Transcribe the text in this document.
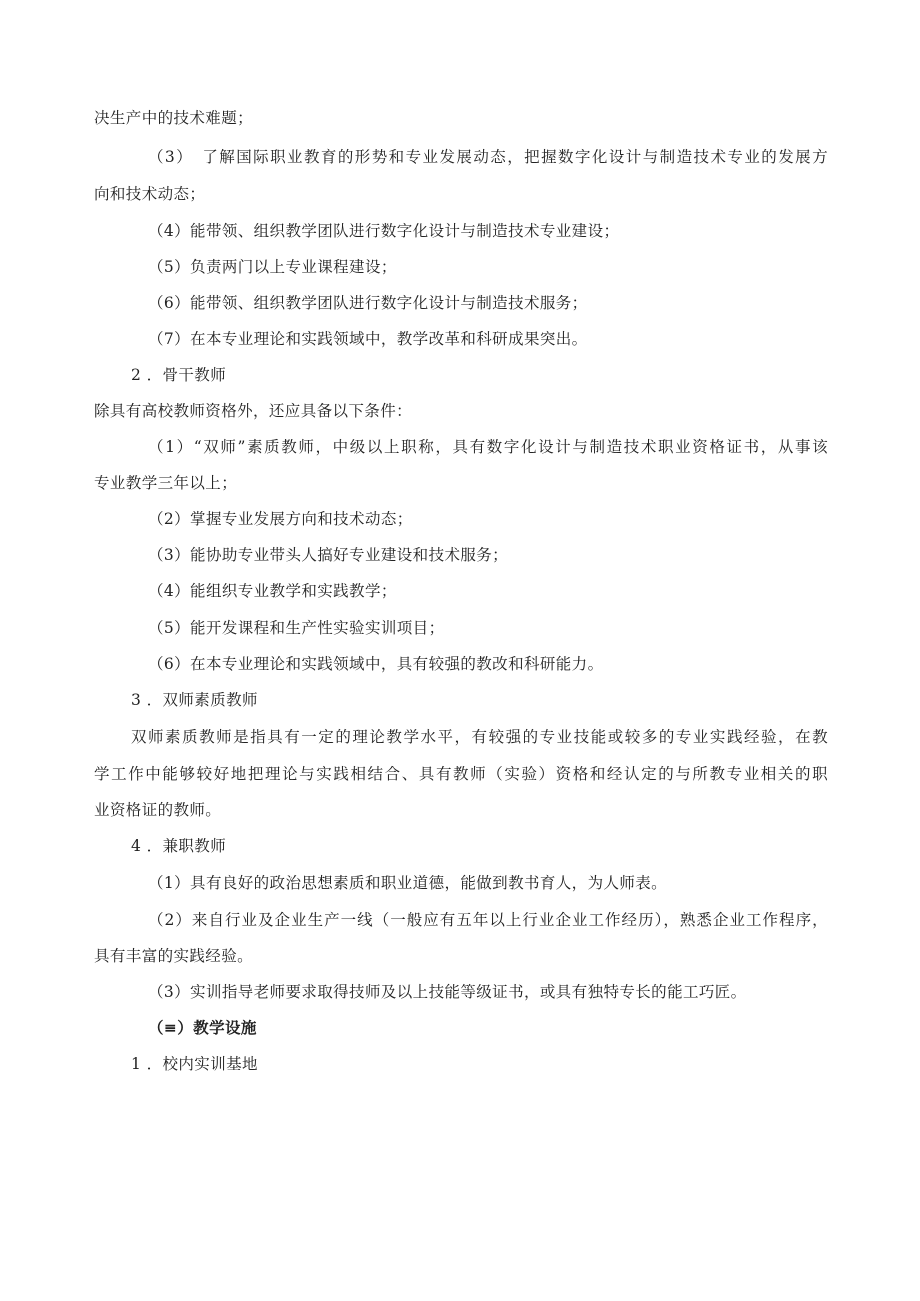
决生产中的技术难题；
（3）　了解国际职业教育的形势和专业发展动态，把握数字化设计与制造技术专业的发展方
向和技术动态；
（4）能带领、组织教学团队进行数字化设计与制造技术专业建设；
（5）负责两门以上专业课程建设；
（6）能带领、组织教学团队进行数字化设计与制造技术服务；
（7）在本专业理论和实践领域中，教学改革和科研成果突出。
2 ．骨干教师
除具有高校教师资格外，还应具备以下条件：
（1）“双师”素质教师，中级以上职称，具有数字化设计与制造技术职业资格证书，从事该
专业教学三年以上；
（2）掌握专业发展方向和技术动态；
（3）能协助专业带头人搞好专业建设和技术服务；
（4）能组织专业教学和实践教学；
（5）能开发课程和生产性实验实训项目；
（6）在本专业理论和实践领域中，具有较强的教改和科研能力。
3 ．双师素质教师
双师素质教师是指具有一定的理论教学水平，有较强的专业技能或较多的专业实践经验，在教
学工作中能够较好地把理论与实践相结合、具有教师（实验）资格和经认定的与所教专业相关的职
业资格证的教师。
4 ．兼职教师
（1）具有良好的政治思想素质和职业道德，能做到教书育人，为人师表。
（2）来自行业及企业生产一线（一般应有五年以上行业企业工作经历），熟悉企业工作程序，
具有丰富的实践经验。
（3）实训指导老师要求取得技师及以上技能等级证书，或具有独特专长的能工巧匠。
（≡）教学设施
1 ．校内实训基地
